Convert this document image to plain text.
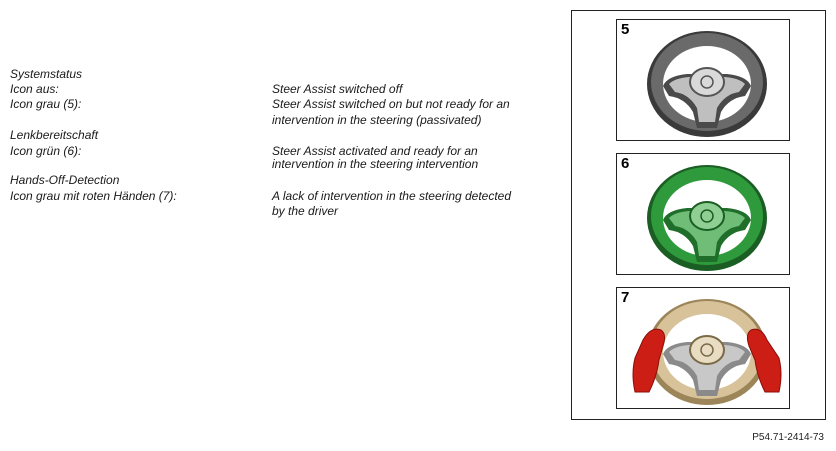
Systemstatus
Icon aus:	Steer Assist switched off
Icon grau (5):	Steer Assist switched on but not ready for an
intervention in the steering (passivated)
Lenkbereitschaft
Icon grün (6):	Steer Assist activated and ready for an
intervention in the steering intervention
Hands-Off-Detection
Icon grau mit roten Händen (7):	A lack of intervention in the steering detected
by the driver
5
6
7
P54.71-2414-73
